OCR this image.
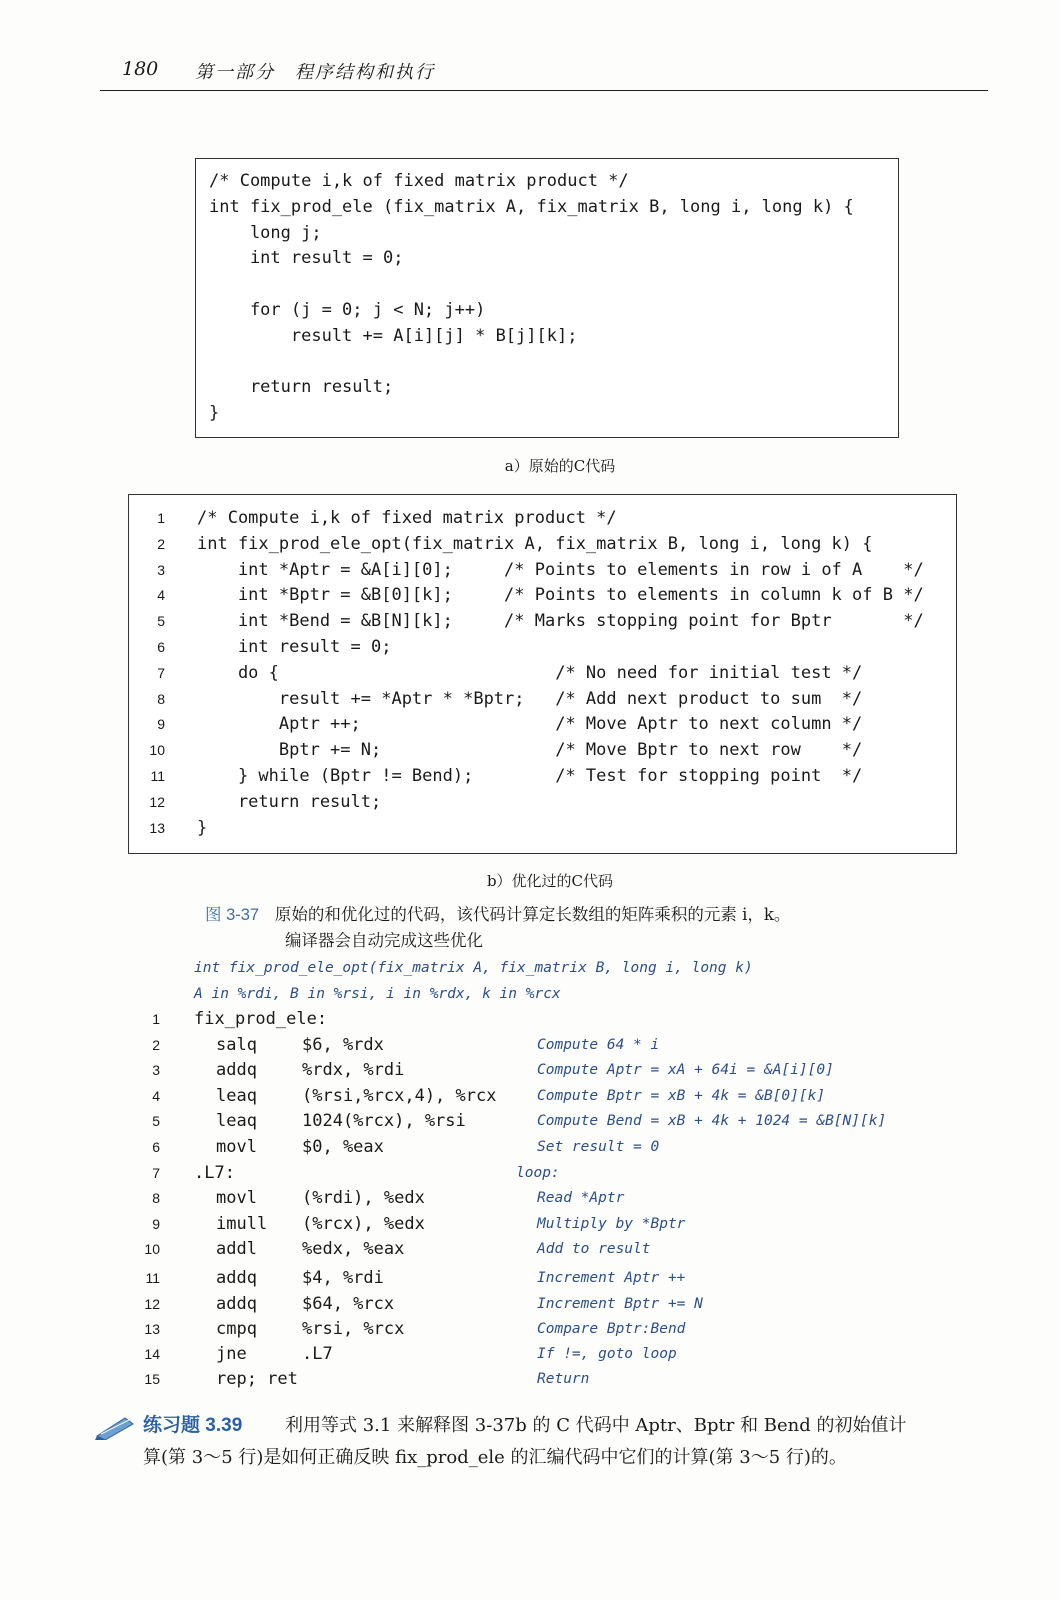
180 第一部分　程序结构和执行
/* Compute i,k of fixed matrix product */
int fix_prod_ele (fix_matrix A, fix_matrix B, long i, long k) {
long j;
int result = 0;

for (j = 0; j < N; j++)
result += A[i][j] * B[j][k];

return result;
}
a）原始的C代码
1 /* Compute i,k of fixed matrix product */
2 int fix_prod_ele_opt(fix_matrix A, fix_matrix B, long i, long k) {
3 int *Aptr = &A[i][0];     /* Points to elements in row i of A    */
4 int *Bptr = &B[0][k];     /* Points to elements in column k of B */
5 int *Bend = &B[N][k];     /* Marks stopping point for Bptr       */
6 int result = 0;
7 do {                           /* No need for initial test */
8 result += *Aptr * *Bptr;   /* Add next product to sum  */
9 Aptr ++;                   /* Move Aptr to next column */
10 Bptr += N;                 /* Move Bptr to next row    */
11 } while (Bptr != Bend);        /* Test for stopping point  */
12 return result;
13 }
b）优化过的C代码
图 3-37 原始的和优化过的代码，该代码计算定长数组的矩阵乘积的元素 i，k。
编译器会自动完成这些优化
int fix_prod_ele_opt(fix_matrix A, fix_matrix B, long i, long k)
A in %rdi, B in %rsi, i in %rdx, k in %rcx
1 fix_prod_ele:
2	salq	$6, %rdx	Compute 64 * i
3	addq	%rdx, %rdi	Compute Aptr = xA + 64i = &A[i][0]
4	leaq	(%rsi,%rcx,4), %rcx	Compute Bptr = xB + 4k = &B[0][k]
5	leaq	1024(%rcx), %rsi	Compute Bend = xB + 4k + 1024 = &B[N][k]
6	movl	$0, %eax	Set result = 0
7 .L7:	loop:
8	movl	(%rdi), %edx	Read *Aptr
9	imull (%rcx), %edx	Multiply by *Bptr
10	addl	%edx, %eax	Add to result
11	addq	$4, %rdi	Increment Aptr ++
12	addq	$64, %rcx	Increment Bptr += N
13	cmpq	%rsi, %rcx	Compare Bptr:Bend
14	jne	.L7	If !=, goto loop
15	rep; ret	Return
练习题 3.39 利用等式 3.1 来解释图 3-37b 的 C 代码中 Aptr、Bptr 和 Bend 的初始值计
算(第 3～5 行)是如何正确反映 fix_prod_ele 的汇编代码中它们的计算(第 3～5 行)的。
